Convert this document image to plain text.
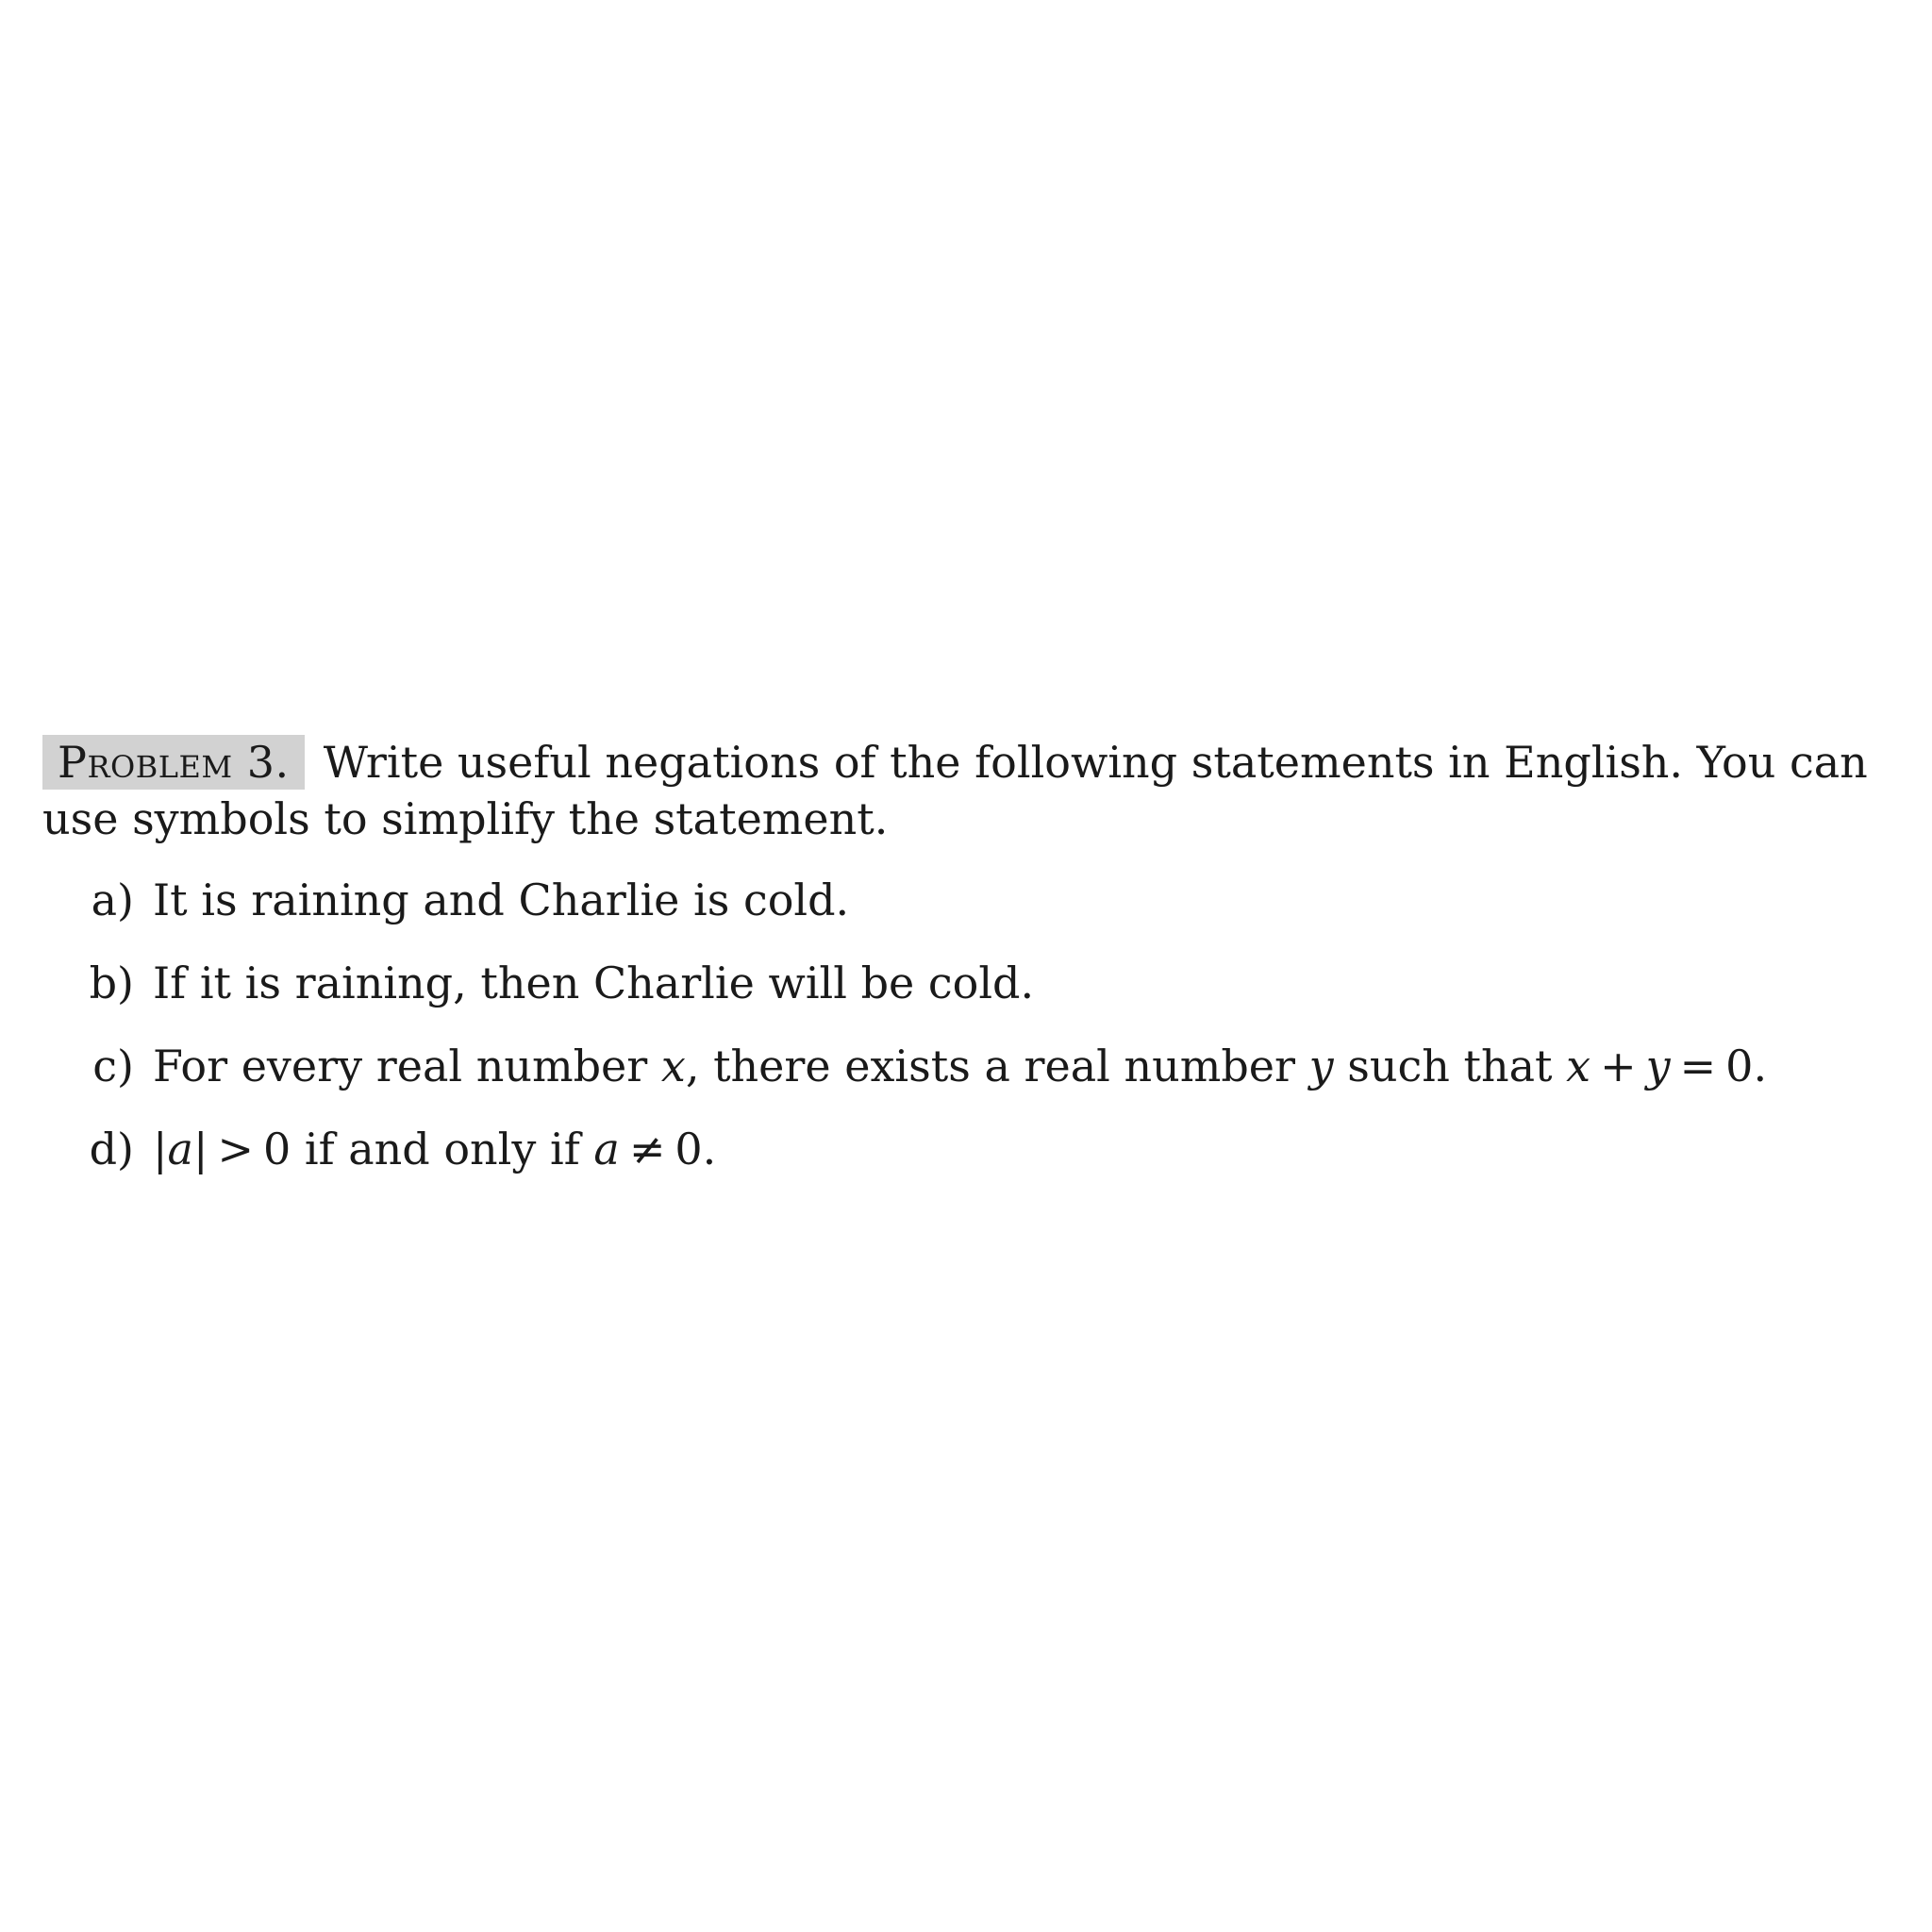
Problem 3. Write useful negations of the following statements in English. You can use symbols to simplify the statement.

a) It is raining and Charlie is cold.
b) If it is raining, then Charlie will be cold.
c) For every real number x, there exists a real number y such that x + y = 0.
d) |a| > 0 if and only if a ≠ 0.
